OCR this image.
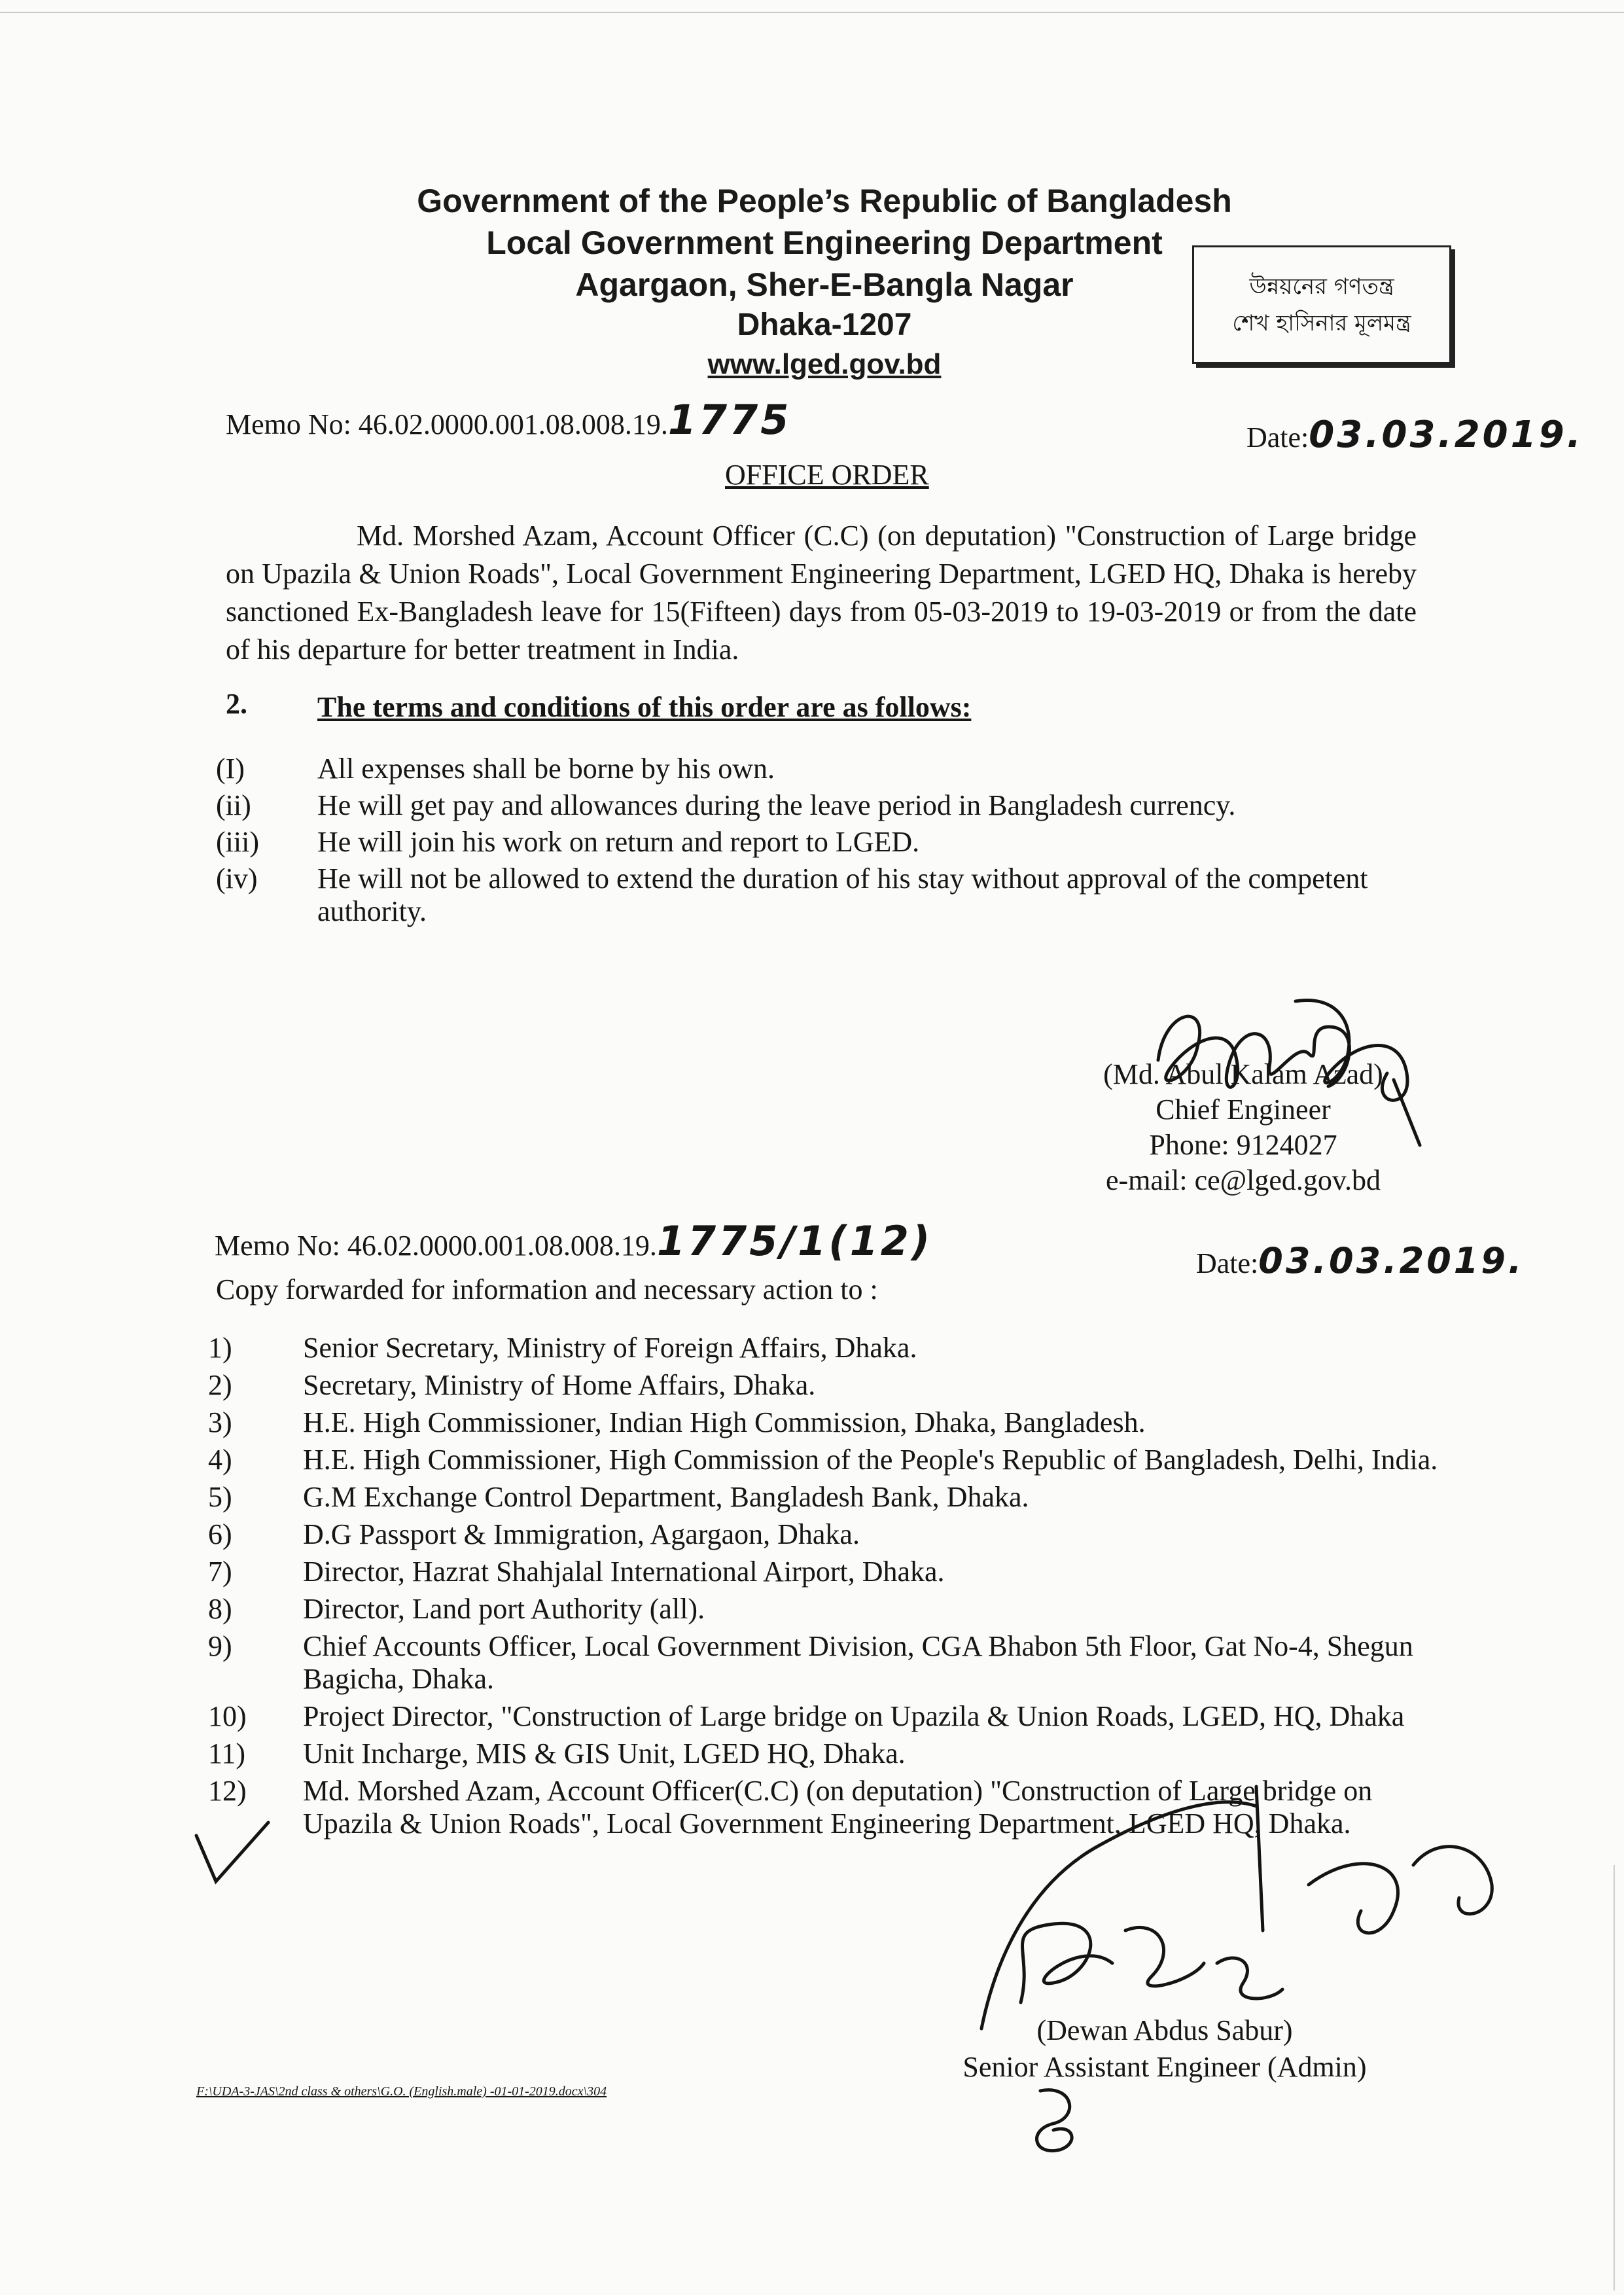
Government of the People’s Republic of Bangladesh
Local Government Engineering Department
Agargaon, Sher-E-Bangla Nagar
Dhaka-1207
www.lged.gov.bd
উন্নয়নের গণতন্ত্র
শেখ হাসিনার মূলমন্ত্র
Memo No: 46.02.0000.001.08.008.19.1775	Date:03.03.2019.
OFFICE ORDER
Md. Morshed Azam, Account Officer (C.C) (on deputation) "Construction of Large bridge on Upazila & Union Roads", Local Government Engineering Department, LGED HQ, Dhaka is hereby sanctioned Ex-Bangladesh leave for 15(Fifteen) days from 05-03-2019 to 19-03-2019 or from the date of his departure for better treatment in India.
2. The terms and conditions of this order are as follows:
(I)	All expenses shall be borne by his own.
(ii)	He will get pay and allowances during the leave period in Bangladesh currency.
(iii)	He will join his work on return and report to LGED.
(iv)	He will not be allowed to extend the duration of his stay without approval of the competent authority.
(Md. Abul Kalam Azad)
Chief Engineer
Phone: 9124027
e-mail: ce@lged.gov.bd
Memo No: 46.02.0000.001.08.008.19.1775/1(12)	Date:03.03.2019.
Copy forwarded for information and necessary action to :
1)	Senior Secretary, Ministry of Foreign Affairs, Dhaka.
2)	Secretary, Ministry of Home Affairs, Dhaka.
3)	H.E. High Commissioner, Indian High Commission, Dhaka, Bangladesh.
4)	H.E. High Commissioner, High Commission of the People's Republic of Bangladesh, Delhi, India.
5)	G.M Exchange Control Department, Bangladesh Bank, Dhaka.
6)	D.G Passport & Immigration, Agargaon, Dhaka.
7)	Director, Hazrat Shahjalal International Airport, Dhaka.
8)	Director, Land port Authority (all).
9)	Chief Accounts Officer, Local Government Division, CGA Bhabon 5th Floor, Gat No-4, Shegun Bagicha, Dhaka.
10)	Project Director, "Construction of Large bridge on Upazila & Union Roads, LGED, HQ, Dhaka
11)	Unit Incharge, MIS & GIS Unit, LGED HQ, Dhaka.
12)	Md. Morshed Azam, Account Officer(C.C) (on deputation) "Construction of Large bridge on Upazila & Union Roads", Local Government Engineering Department, LGED HQ, Dhaka.
(Dewan Abdus Sabur)
Senior Assistant Engineer (Admin)
F:\UDA-3-JAS\2nd class & others\G.O. (English.male) -01-01-2019.docx\304
